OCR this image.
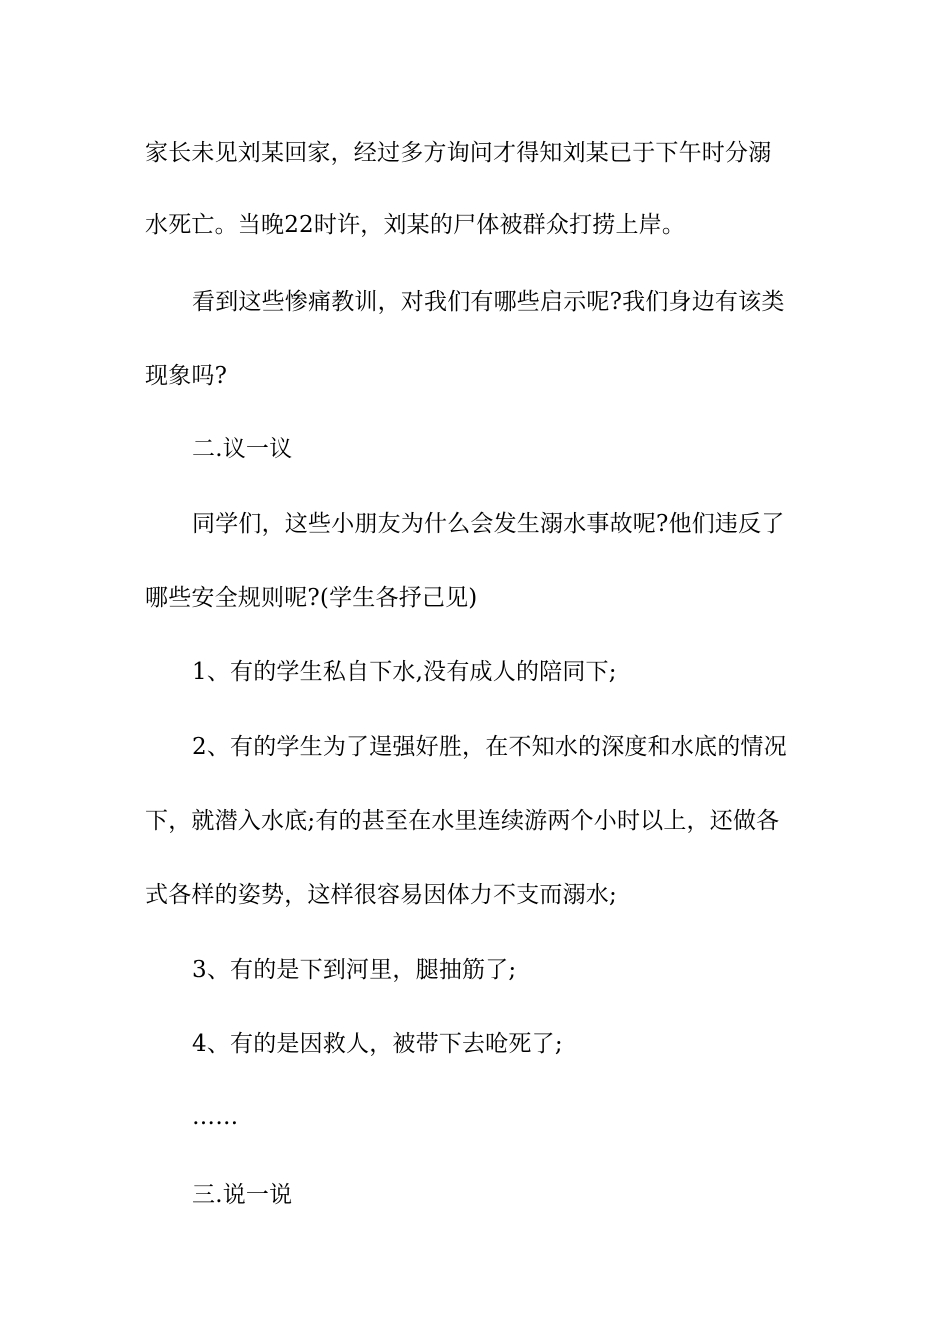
家长未见刘某回家，经过多方询问才得知刘某已于下午时分溺
水死亡。当晚22时许，刘某的尸体被群众打捞上岸。
看到这些惨痛教训，对我们有哪些启示呢?我们身边有该类
现象吗?
二.议一议
同学们，这些小朋友为什么会发生溺水事故呢?他们违反了
哪些安全规则呢?(学生各抒己见)
1、有的学生私自下水,没有成人的陪同下;
2、有的学生为了逞强好胜，在不知水的深度和水底的情况
下，就潜入水底;有的甚至在水里连续游两个小时以上，还做各
式各样的姿势，这样很容易因体力不支而溺水;
3、有的是下到河里，腿抽筋了;
4、有的是因救人，被带下去呛死了;
……
三.说一说
